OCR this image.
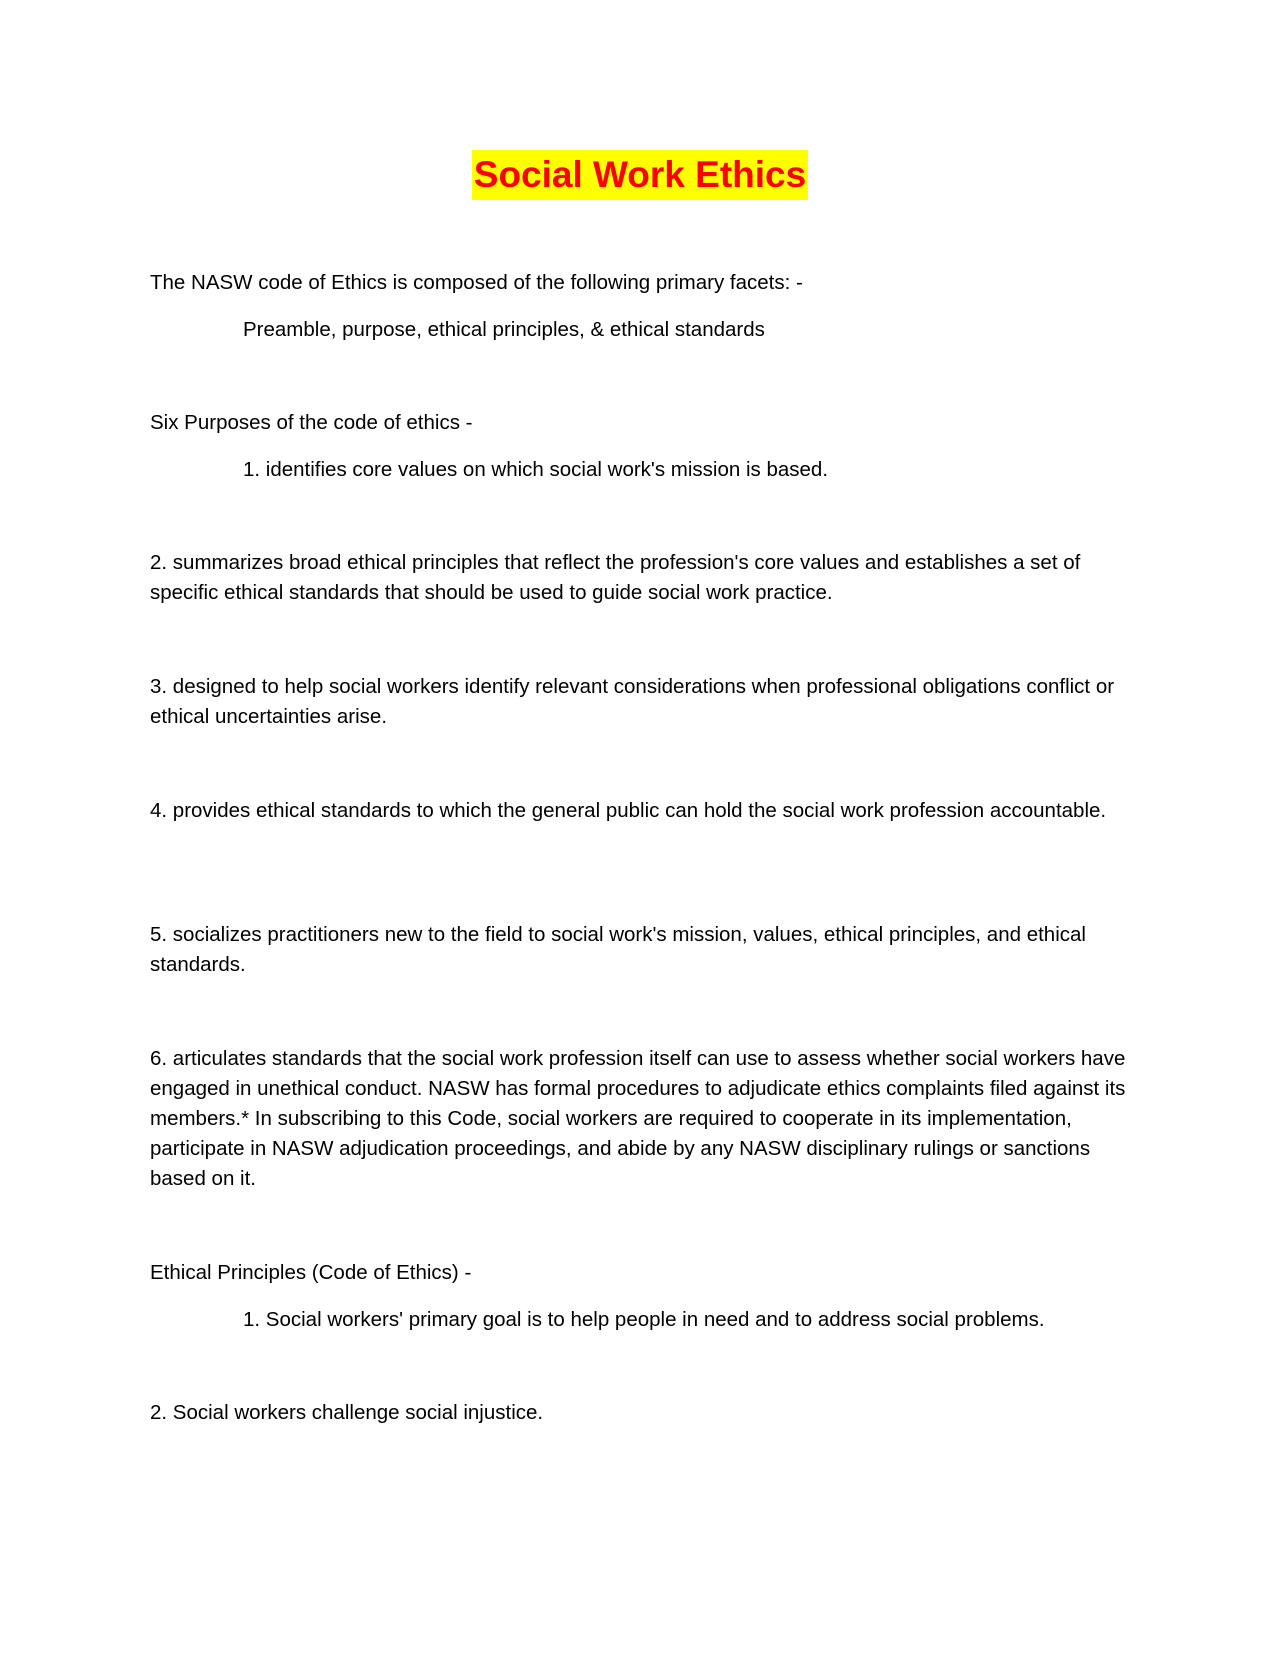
Social Work Ethics

The NASW code of Ethics is composed of the following primary facets: -

Preamble, purpose, ethical principles, & ethical standards

Six Purposes of the code of ethics -

1. identifies core values on which social work's mission is based.

2. summarizes broad ethical principles that reflect the profession's core values and establishes a set of specific ethical standards that should be used to guide social work practice.

3. designed to help social workers identify relevant considerations when professional obligations conflict or ethical uncertainties arise.

4. provides ethical standards to which the general public can hold the social work profession accountable.

5. socializes practitioners new to the field to social work's mission, values, ethical principles, and ethical standards.

6. articulates standards that the social work profession itself can use to assess whether social workers have engaged in unethical conduct. NASW has formal procedures to adjudicate ethics complaints filed against its members.* In subscribing to this Code, social workers are required to cooperate in its implementation, participate in NASW adjudication proceedings, and abide by any NASW disciplinary rulings or sanctions based on it.

Ethical Principles (Code of Ethics) -

1. Social workers' primary goal is to help people in need and to address social problems.

2. Social workers challenge social injustice.
